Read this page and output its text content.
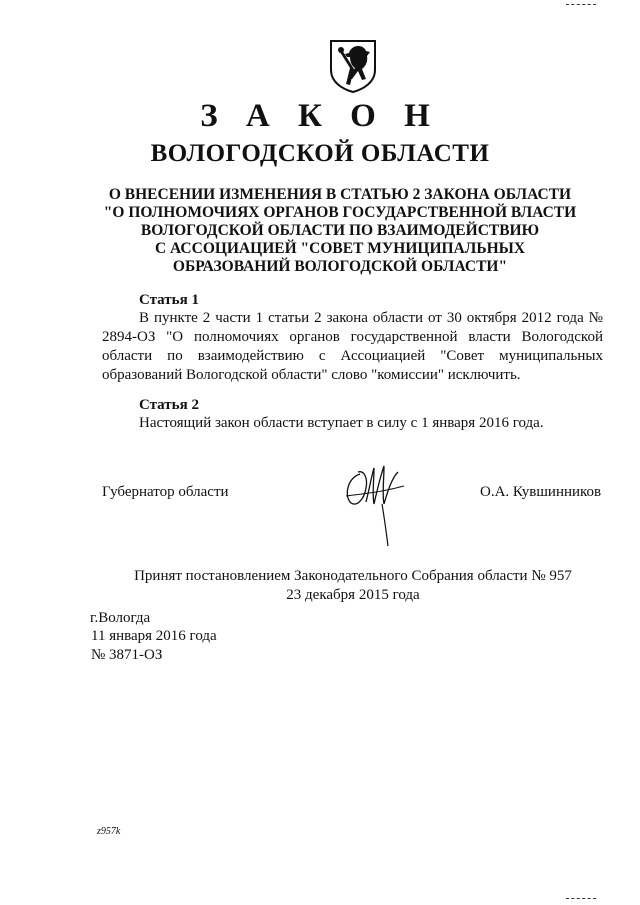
З А К О Н
ВОЛОГОДСКОЙ ОБЛАСТИ
О ВНЕСЕНИИ ИЗМЕНЕНИЯ В СТАТЬЮ 2 ЗАКОНА ОБЛАСТИ
"О ПОЛНОМОЧИЯХ ОРГАНОВ ГОСУДАРСТВЕННОЙ ВЛАСТИ
ВОЛОГОДСКОЙ ОБЛАСТИ ПО ВЗАИМОДЕЙСТВИЮ
С АССОЦИАЦИЕЙ "СОВЕТ МУНИЦИПАЛЬНЫХ
ОБРАЗОВАНИЙ ВОЛОГОДСКОЙ ОБЛАСТИ"
Статья 1
В пункте 2 части 1 статьи 2 закона области от 30 октября 2012 года № 2894-ОЗ "О полномочиях органов государственной власти Вологодской области по взаимодействию с Ассоциацией "Совет муниципальных образований Вологодской области" слово "комиссии" исключить.
Статья 2
Настоящий закон области вступает в силу с 1 января 2016 года.
Губернатор области	О.А. Кувшинников
Принят постановлением Законодательного Собрания области № 957
23 декабря 2015 года
г.Вологда
11 января 2016 года
№ 3871-ОЗ
z957k
